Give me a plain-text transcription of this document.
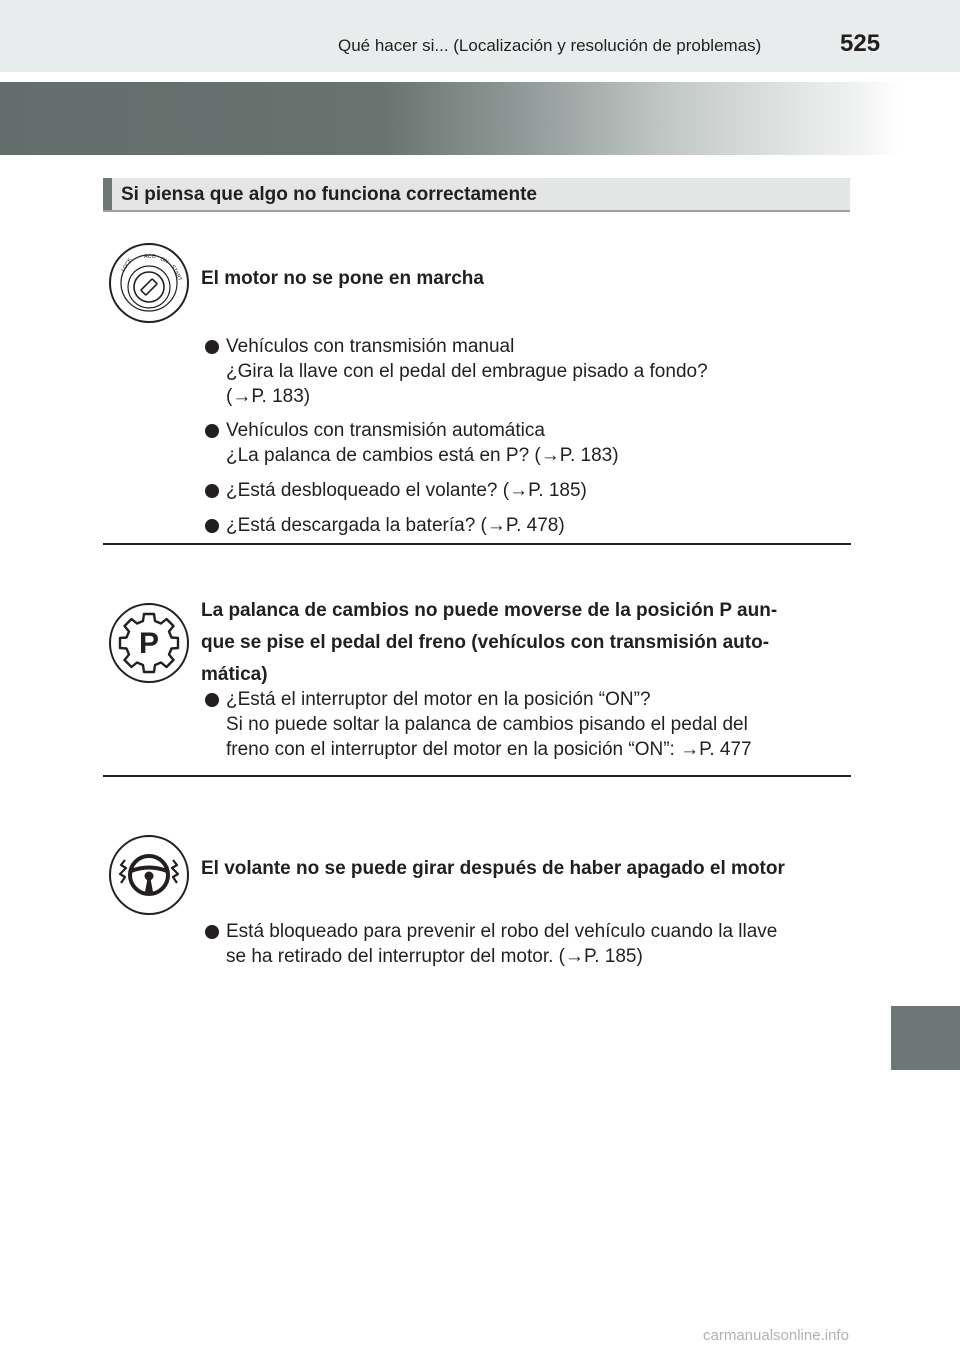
Qué hacer si... (Localización y resolución de problemas)	525
Si piensa que algo no funciona correctamente
LOCK
ACC ON
START El motor no se pone en marcha
Vehículos con transmisión manual
¿Gira la llave con el pedal del embrague pisado a fondo?
(→P. 183)
Vehículos con transmisión automática
¿La palanca de cambios está en P? (→P. 183)
¿Está desbloqueado el volante? (→P. 185)
¿Está descargada la batería? (→P. 478)
P
La palanca de cambios no puede moverse de la posición P aun-
que se pise el pedal del freno (vehículos con transmisión auto-
mática)
¿Está el interruptor del motor en la posición “ON”?
Si no puede soltar la palanca de cambios pisando el pedal del
freno con el interruptor del motor en la posición “ON”: →P. 477
El volante no se puede girar después de haber apagado el motor
Está bloqueado para prevenir el robo del vehículo cuando la llave
se ha retirado del interruptor del motor. (→P. 185)
carmanualsonline.info
